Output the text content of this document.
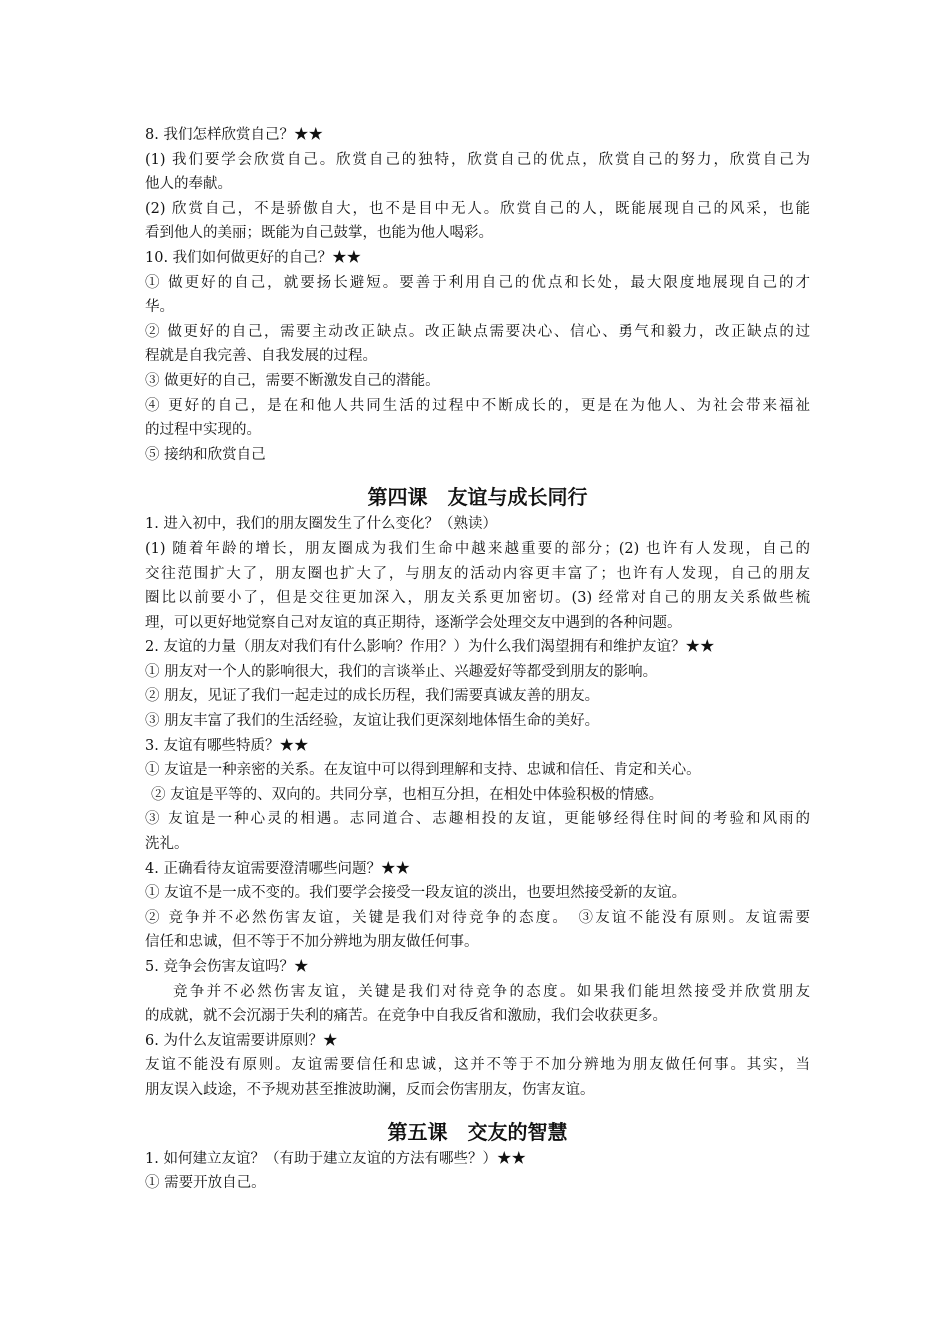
8. 我们怎样欣赏自己？★★
(1) 我们要学会欣赏自己。欣赏自己的独特，欣赏自己的优点，欣赏自己的努力，欣赏自己为
他人的奉献。
(2) 欣赏自己，不是骄傲自大，也不是目中无人。欣赏自己的人，既能展现自己的风采，也能
看到他人的美丽；既能为自己鼓掌，也能为他人喝彩。
10. 我们如何做更好的自己？★★
① 做更好的自己，就要扬长避短。要善于利用自己的优点和长处，最大限度地展现自己的才
华。
② 做更好的自己，需要主动改正缺点。改正缺点需要决心、信心、勇气和毅力，改正缺点的过
程就是自我完善、自我发展的过程。
③ 做更好的自己，需要不断激发自己的潜能。
④ 更好的自己，是在和他人共同生活的过程中不断成长的，更是在为他人、为社会带来福祉
的过程中实现的。
⑤ 接纳和欣赏自己
第四课　友谊与成长同行
1. 进入初中，我们的朋友圈发生了什么变化？（熟读）
(1) 随着年龄的增长，朋友圈成为我们生命中越来越重要的部分；(2) 也许有人发现，自己的
交往范围扩大了，朋友圈也扩大了，与朋友的活动内容更丰富了；也许有人发现，自己的朋友
圈比以前要小了，但是交往更加深入，朋友关系更加密切。(3) 经常对自己的朋友关系做些梳
理，可以更好地觉察自己对友谊的真正期待，逐渐学会处理交友中遇到的各种问题。
2. 友谊的力量（朋友对我们有什么影响？作用？）为什么我们渴望拥有和维护友谊？★★
① 朋友对一个人的影响很大，我们的言谈举止、兴趣爱好等都受到朋友的影响。
② 朋友，见证了我们一起走过的成长历程，我们需要真诚友善的朋友。
③ 朋友丰富了我们的生活经验，友谊让我们更深刻地体悟生命的美好。
3. 友谊有哪些特质？★★
① 友谊是一种亲密的关系。在友谊中可以得到理解和支持、忠诚和信任、肯定和关心。
② 友谊是平等的、双向的。共同分享，也相互分担，在相处中体验积极的情感。
③ 友谊是一种心灵的相遇。志同道合、志趣相投的友谊，更能够经得住时间的考验和风雨的
洗礼。
4. 正确看待友谊需要澄清哪些问题？★★
① 友谊不是一成不变的。我们要学会接受一段友谊的淡出，也要坦然接受新的友谊。
② 竞争并不必然伤害友谊，关键是我们对待竞争的态度。　③友谊不能没有原则。友谊需要
信任和忠诚，但不等于不加分辨地为朋友做任何事。
5. 竞争会伤害友谊吗？★
竞争并不必然伤害友谊，关键是我们对待竞争的态度。如果我们能坦然接受并欣赏朋友
的成就，就不会沉溺于失利的痛苦。在竞争中自我反省和激励，我们会收获更多。
6. 为什么友谊需要讲原则？★
友谊不能没有原则。友谊需要信任和忠诚，这并不等于不加分辨地为朋友做任何事。其实，当
朋友误入歧途，不予规劝甚至推波助澜，反而会伤害朋友，伤害友谊。
第五课　交友的智慧
1. 如何建立友谊？（有助于建立友谊的方法有哪些？）★★
① 需要开放自己。
